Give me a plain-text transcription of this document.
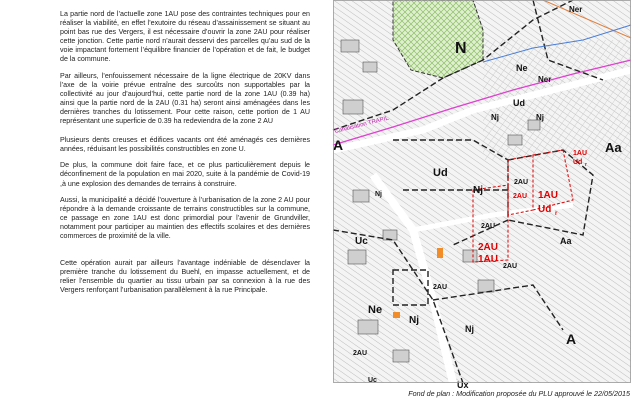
La partie nord de l’actuelle zone 1AU pose des contraintes techniques pour en réaliser la viabilité, en effet l’exutoire du réseau d’assainissement se situant au point bas rue des Vergers, il est nécessaire d’ouvrir la zone 2AU pour réaliser cette jonction. Cette partie nord n’aurait desservi des parcelles qu’au sud de la voie impactant fortement l’équilibre financier de l’opération et de fait, le budget de la commune.

Par ailleurs, l’enfouissement nécessaire de la ligne électrique de 20KV dans l’axe de la voirie prévue entraîne des surcoûts non supportables par la collectivité au jour d’aujourd’hui, cette partie nord de la zone 1AU (0.39 ha) ainsi que la partie nord de la 2AU (0.31 ha) seront ainsi aménagées dans les dernières tranches du lotissement. Pour cette raison, cette portion de 1 AU représentant une superficie de 0.39 ha redeviendra de la zone 2 AU

Plusieurs dents creuses et édifices vacants ont été aménagés ces dernières années, réduisant les possibilités constructibles en zone U.

De plus, la commune doit faire face, et ce plus particulièrement depuis le déconfinement de la population en mai 2020, suite à la pandémie de Covid-19 ,à une explosion des demandes de terrains à construire.

Aussi, la municipalité a décidé l’ouverture à l’urbanisation de la zone 2 AU pour répondre à la demande croissante de terrains constructibles sur la commune, ce passage en zone 1AU est donc primordial pour l’avenir de Grundviller, notamment pour participer au maintien des effectifs scolaires et des dernières commerces de proximité de la ville.

Cette opération aurait par ailleurs l’avantage indéniable de désenclaver la première tranche du lotissement du Buehl, en impasse actuellement, et de relier l’ensemble du quartier au tissu urbain par sa connexion à la rue des Vergers renforçant l’urbanisation parallèlement à la rue Principale.

N
Ner
Ner
Ne
Ud
Nj	Nj
A	Aa
Ud
Nj
Nj
Uc	Aa
Ne
Nj
Nj
A
Ux
Uc
2AU
2AU
2AU
2AU
2AU
2AU 1AU
Ud r
1AU
Ud r
2AU
1AU
Canalisation TRAPIL
Fond de plan : Modification proposée du PLU approuvé le 22/05/2015
